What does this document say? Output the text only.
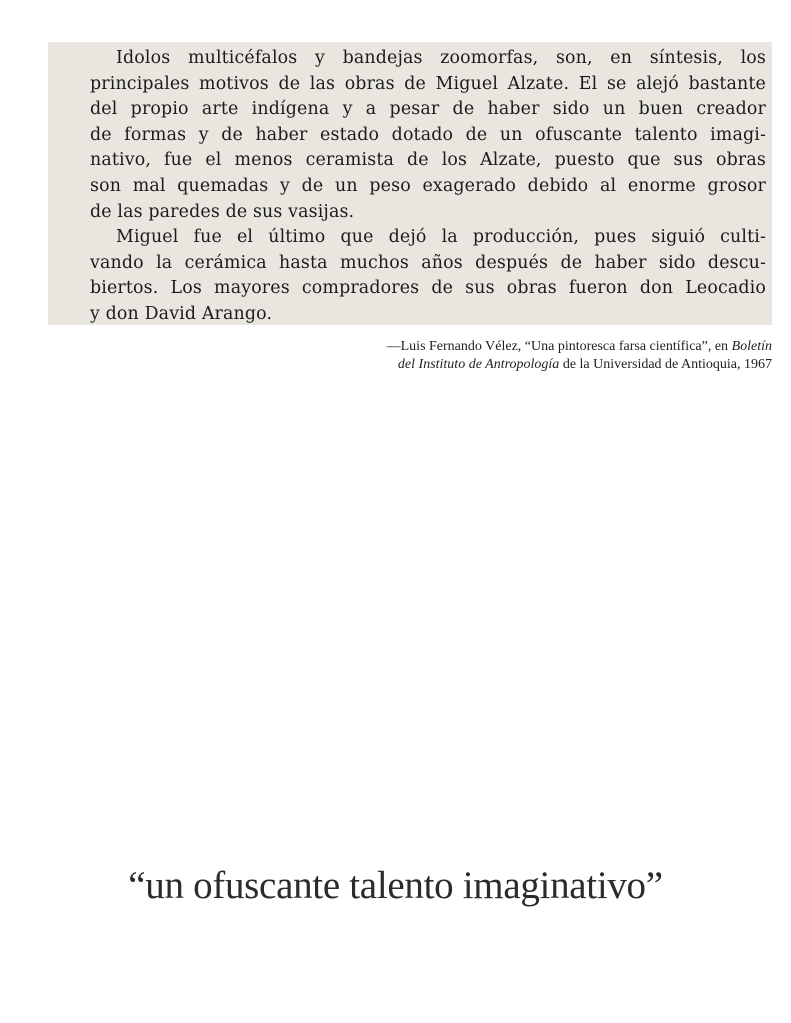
Idolos multicéfalos y bandejas zoomorfas, son, en síntesis, los
principales motivos de las obras de Miguel Alzate. El se alejó bastante
del propio arte indígena y a pesar de haber sido un buen creador
de formas y de haber estado dotado de un ofuscante talento imagi-
nativo, fue el menos ceramista de los Alzate, puesto que sus obras
son mal quemadas y de un peso exagerado debido al enorme grosor
de las paredes de sus vasijas.
Miguel fue el último que dejó la producción, pues siguió culti-
vando la cerámica hasta muchos años después de haber sido descu-
biertos. Los mayores compradores de sus obras fueron don Leocadio
y don David Arango.
—Luis Fernando Vélez, “Una pintoresca farsa científica”, en Boletín
del Instituto de Antropología de la Universidad de Antioquia, 1967
“un ofuscante talento imaginativo”
